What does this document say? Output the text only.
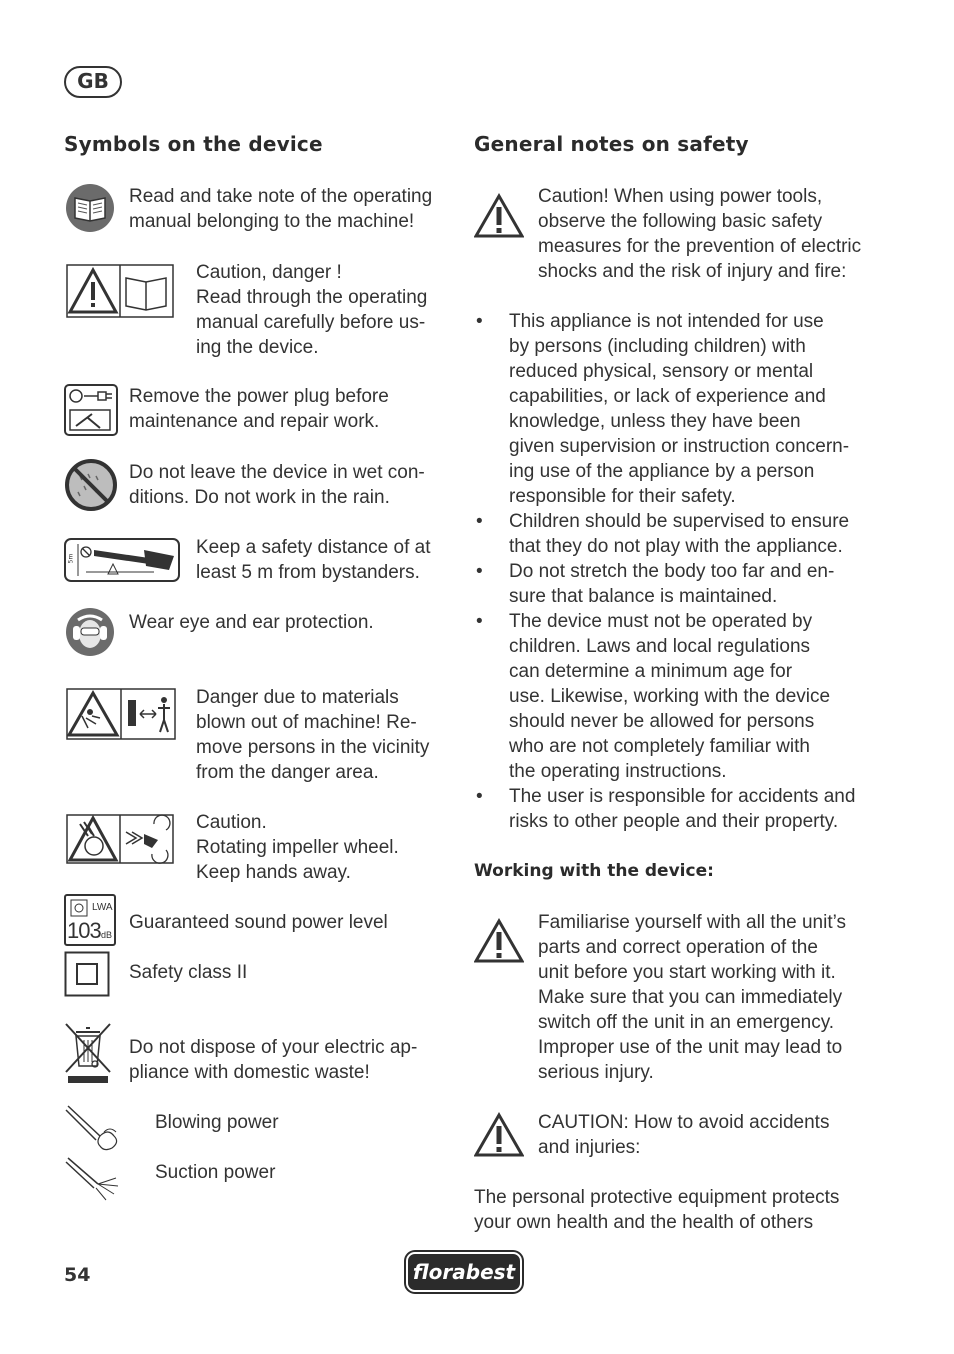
GB
Symbols on the device
Read and take note of the operating
manual belonging to the machine!
Caution, danger !
Read through the operating
manual carefully before us-
ing the device.
Remove the power plug before
maintenance and repair work.
Do not leave the device in wet con-
ditions. Do not work in the rain.
5m
Keep a safety distance of at
least 5 m from bystanders.
Wear eye and ear protection.
Danger due to materials
blown out of machine! Re-
move persons in the vicinity
from the danger area.
Caution.
Rotating impeller wheel.
Keep hands away.
LWA
103 dB
Guaranteed sound power level
Safety class II
Do not dispose of your electric ap-
pliance with domestic waste!
Blowing power
Suction power
General notes on safety
Caution! When using power tools,
observe the following basic safety
measures for the prevention of electric
shocks and the risk of injury and fire:
• This appliance is not intended for use
by persons (including children) with
reduced physical, sensory or mental
capabilities, or lack of experience and
knowledge, unless they have been
given supervision or instruction concern-
ing use of the appliance by a person
responsible for their safety.
• Children should be supervised to ensure
that they do not play with the appliance.
• Do not stretch the body too far and en-
sure that balance is maintained.
• The device must not be operated by
children. Laws and local regulations
can determine a minimum age for
use. Likewise, working with the device
should never be allowed for persons
who are not completely familiar with
the operating instructions.
• The user is responsible for accidents and
risks to other people and their property.
Working with the device:
Familiarise yourself with all the unit’s
parts and correct operation of the
unit before you start working with it.
Make sure that you can immediately
switch off the unit in an emergency.
Improper use of the unit may lead to
serious injury.
CAUTION: How to avoid accidents
and injuries:
The personal protective equipment protects
your own health and the health of others
54	florabest
